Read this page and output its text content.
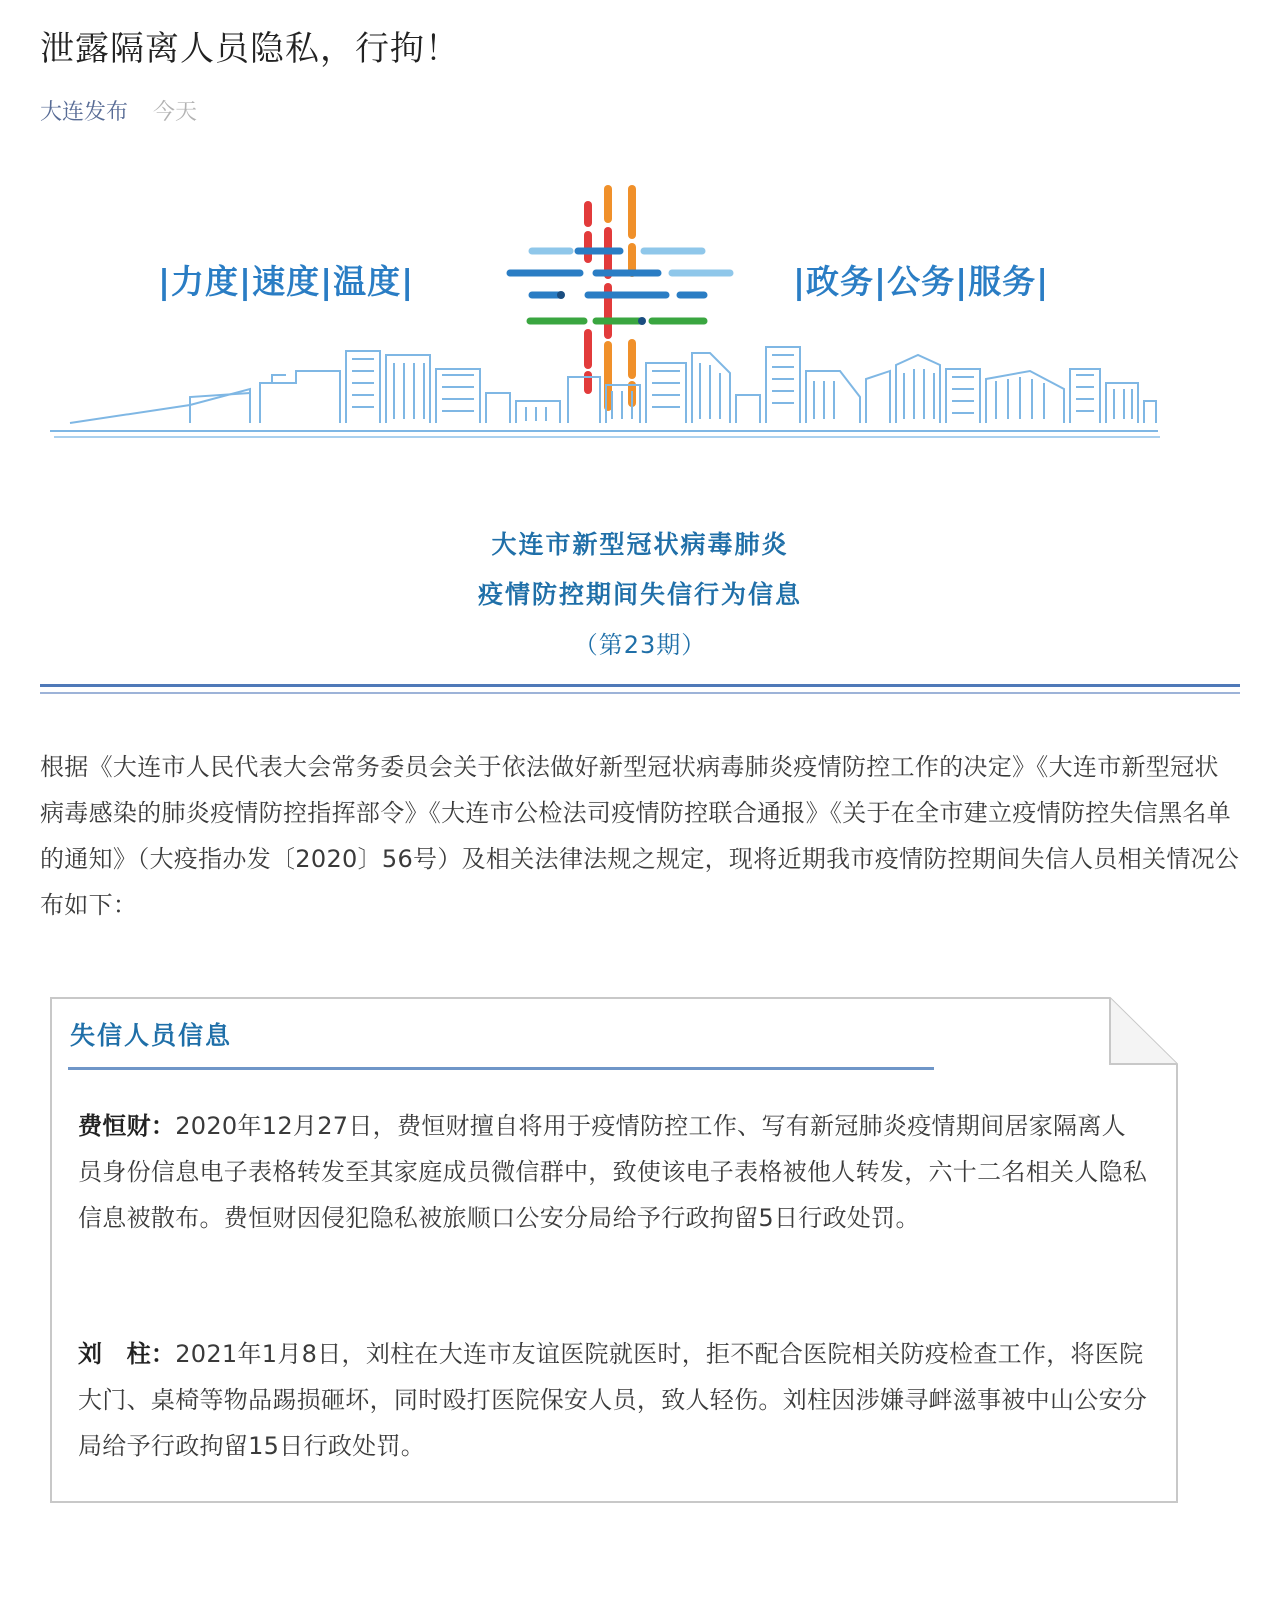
泄露隔离人员隐私，行拘！
大连发布 今天
|力度|速度|温度|	|政务|公务|服务|
大连市新型冠状病毒肺炎
疫情防控期间失信行为信息
（第23期）
根据《大连市人民代表大会常务委员会关于依法做好新型冠状病毒肺炎疫情防控工作的决定》《大连市新型冠状病毒感染的肺炎疫情防控指挥部令》《大连市公检法司疫情防控联合通报》《关于在全市建立疫情防控失信黑名单的通知》（大疫指办发〔2020〕56号）及相关法律法规之规定，现将近期我市疫情防控期间失信人员相关情况公布如下：
失信人员信息
费恒财：2020年12月27日，费恒财擅自将用于疫情防控工作、写有新冠肺炎疫情期间居家隔离人员身份信息电子表格转发至其家庭成员微信群中，致使该电子表格被他人转发，六十二名相关人隐私信息被散布。费恒财因侵犯隐私被旅顺口公安分局给予行政拘留5日行政处罚。
刘　柱：2021年1月8日，刘柱在大连市友谊医院就医时，拒不配合医院相关防疫检查工作，将医院大门、桌椅等物品踢损砸坏，同时殴打医院保安人员，致人轻伤。刘柱因涉嫌寻衅滋事被中山公安分局给予行政拘留15日行政处罚。
